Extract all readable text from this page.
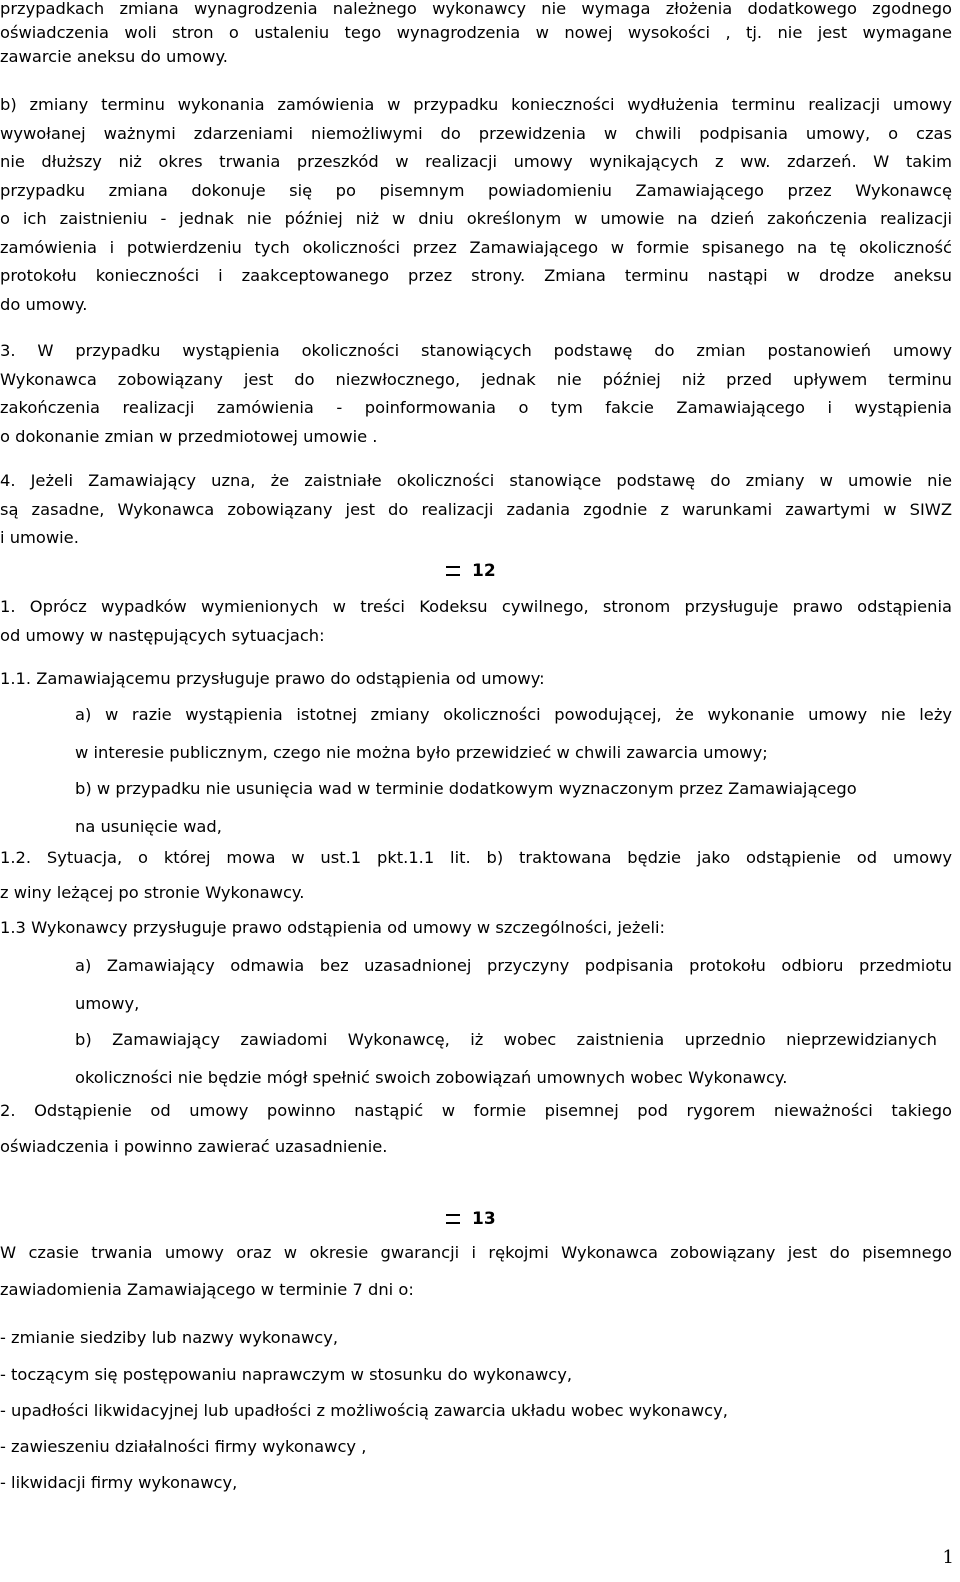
przypadkach zmiana wynagrodzenia należnego wykonawcy nie wymaga złożenia dodatkowego zgodnego
oświadczenia woli stron o ustaleniu tego wynagrodzenia w nowej wysokości , tj. nie jest wymagane
zawarcie aneksu do umowy.
b) zmiany terminu wykonania zamówienia w przypadku konieczności wydłużenia terminu realizacji umowy
wywołanej ważnymi zdarzeniami niemożliwymi do przewidzenia w chwili podpisania umowy, o czas
nie dłuższy niż okres trwania przeszkód w realizacji umowy wynikających z ww. zdarzeń. W takim
przypadku zmiana dokonuje się po pisemnym powiadomieniu Zamawiającego przez Wykonawcę
o ich zaistnieniu - jednak nie później niż w dniu określonym w umowie na dzień zakończenia realizacji
zamówienia i potwierdzeniu tych okoliczności przez Zamawiającego w formie spisanego na tę okoliczność
protokołu konieczności i zaakceptowanego przez strony. Zmiana terminu nastąpi w drodze aneksu
do umowy.
3. W przypadku wystąpienia okoliczności stanowiących podstawę do zmian postanowień umowy
Wykonawca zobowiązany jest do niezwłocznego, jednak nie później niż przed upływem terminu
zakończenia realizacji zamówienia - poinformowania o tym fakcie Zamawiającego i wystąpienia
o dokonanie zmian w przedmiotowej umowie .
4. Jeżeli Zamawiający uzna, że zaistniałe okoliczności stanowiące podstawę do zmiany w umowie nie
są zasadne, Wykonawca zobowiązany jest do realizacji zadania zgodnie z warunkami zawartymi w SIWZ
i umowie.
12
1. Oprócz wypadków wymienionych w treści Kodeksu cywilnego, stronom przysługuje prawo odstąpienia
od umowy w następujących sytuacjach:
1.1. Zamawiającemu przysługuje prawo do odstąpienia od umowy:
a) w razie wystąpienia istotnej zmiany okoliczności powodującej, że wykonanie umowy nie leży
w interesie publicznym, czego nie można było przewidzieć w chwili zawarcia umowy;
b) w przypadku nie usunięcia wad w terminie dodatkowym wyznaczonym przez Zamawiającego
na usunięcie wad,
1.2. Sytuacja, o której mowa w ust.1 pkt.1.1 lit. b) traktowana będzie jako odstąpienie od umowy
z winy leżącej po stronie Wykonawcy.
1.3 Wykonawcy przysługuje prawo odstąpienia od umowy w szczególności, jeżeli:
a) Zamawiający odmawia bez uzasadnionej przyczyny podpisania protokołu odbioru przedmiotu
umowy,
b) Zamawiający zawiadomi Wykonawcę, iż wobec zaistnienia uprzednio nieprzewidzianych
okoliczności nie będzie mógł spełnić swoich zobowiązań umownych wobec Wykonawcy.
2. Odstąpienie od umowy powinno nastąpić w formie pisemnej pod rygorem nieważności takiego
oświadczenia i powinno zawierać uzasadnienie.
13
W czasie trwania umowy oraz w okresie gwarancji i rękojmi Wykonawca zobowiązany jest do pisemnego
zawiadomienia Zamawiającego w terminie 7 dni o:
- zmianie siedziby lub nazwy wykonawcy,
- toczącym się postępowaniu naprawczym w stosunku do wykonawcy,
- upadłości likwidacyjnej lub upadłości z możliwością zawarcia układu wobec wykonawcy,
- zawieszeniu działalności firmy wykonawcy ,
- likwidacji firmy wykonawcy,
1
